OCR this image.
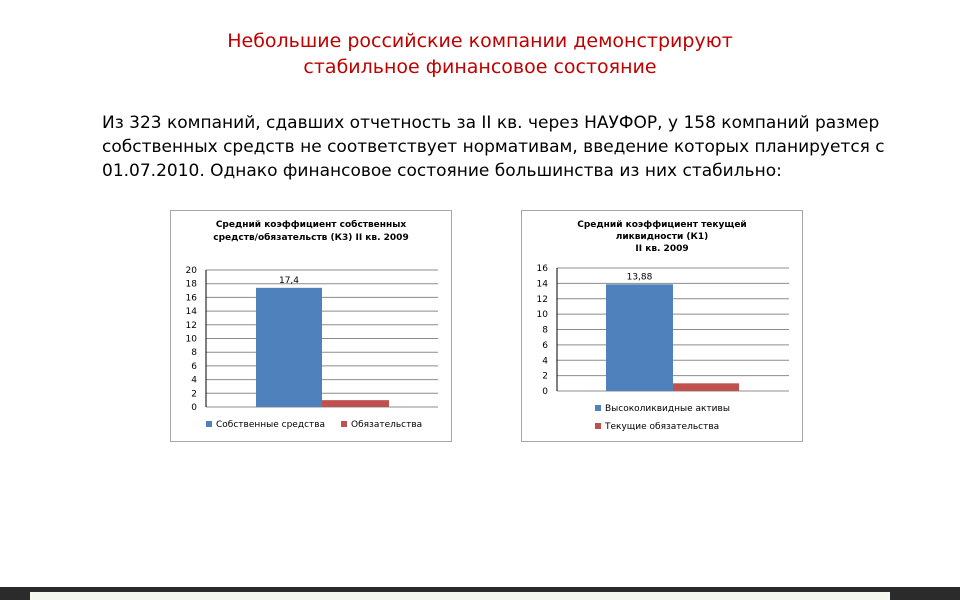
Небольшие российские компании демонстрируют
стабильное финансовое состояние

Из 323 компаний, сдавших отчетность за II кв. через НАУФОР, у 158 компаний размер собственных средств не соответствует нормативам, введение которых планируется с 01.07.2010. Однако финансовое состояние большинства из них стабильно:

Средний коэффициент собственных
средств/обязательств (К3) II кв. 2009
0
2
4
6
8
10
12
14
16
18
20
17,4
Собственные средства	Обязательства
Средний коэффициент текущей
ликвидности (К1)
II кв. 2009
0
2
4
6
8
10
12
14
16
13,88
Высоколиквидные активы
Текущие обязательства
